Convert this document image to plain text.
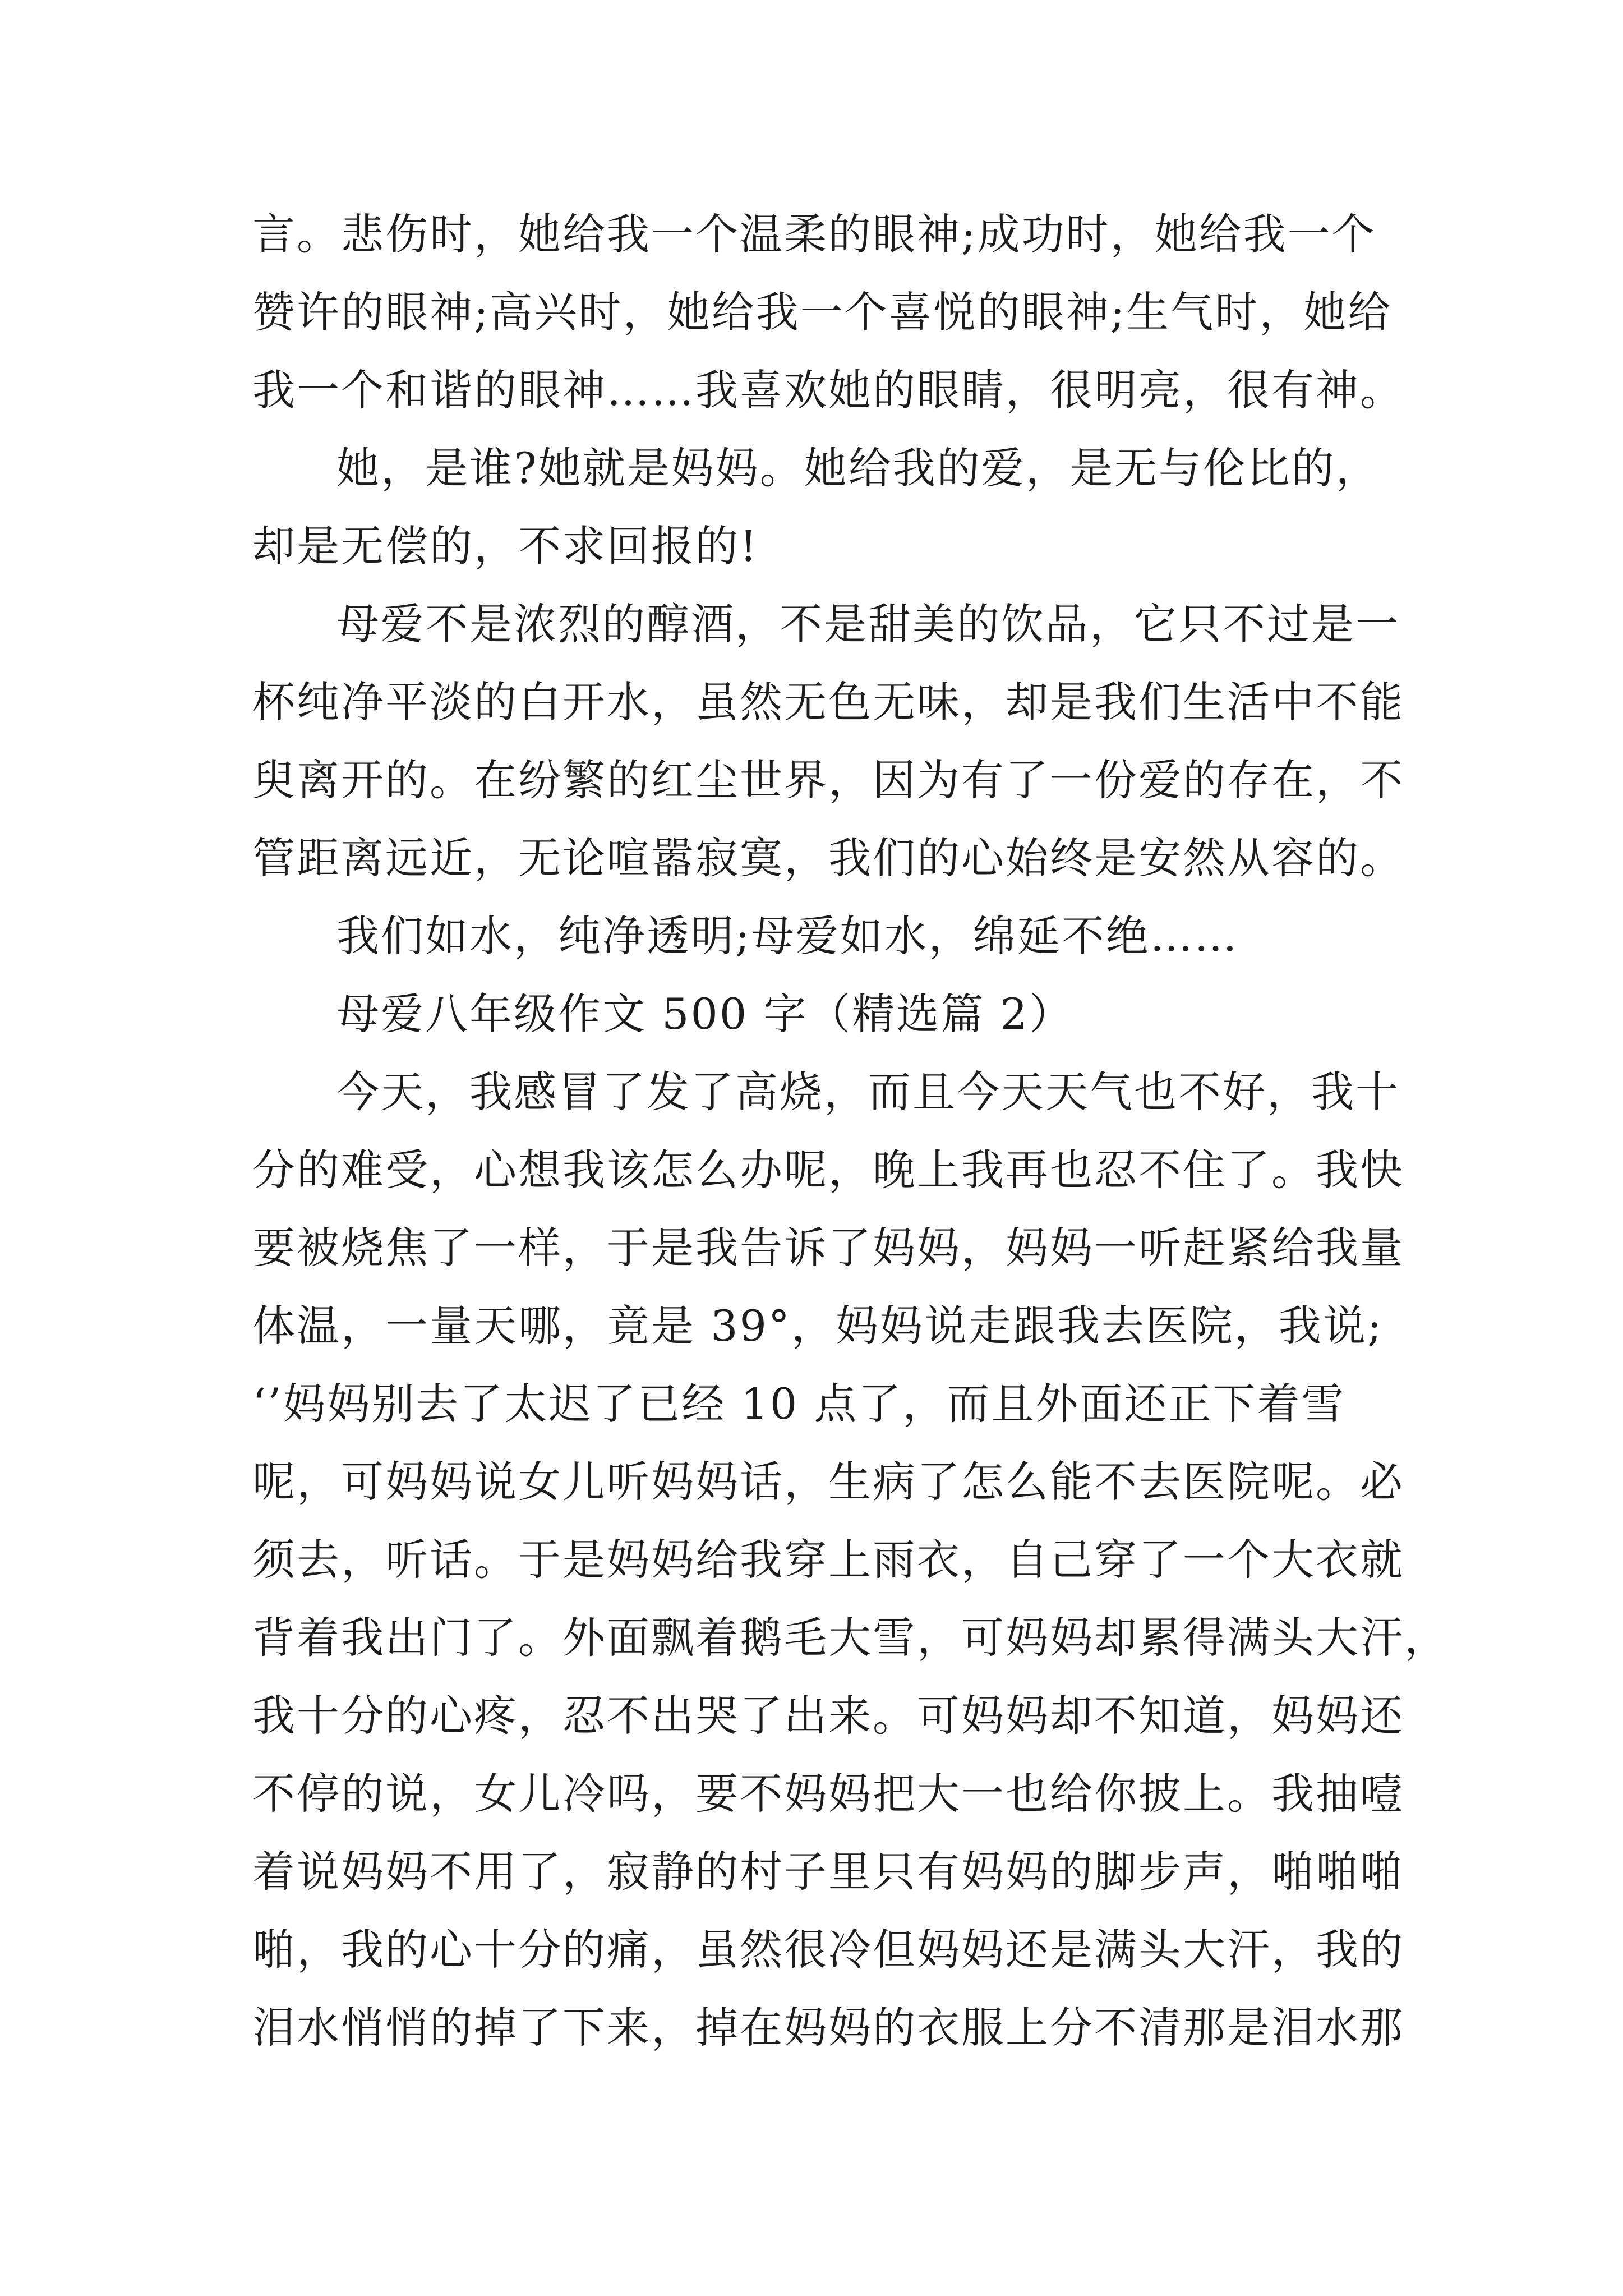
言。悲伤时，她给我一个温柔的眼神;成功时，她给我一个
赞许的眼神;高兴时，她给我一个喜悦的眼神;生气时，她给
我一个和谐的眼神……我喜欢她的眼睛，很明亮，很有神。
她，是谁?她就是妈妈。她给我的爱，是无与伦比的，
却是无偿的，不求回报的!
母爱不是浓烈的醇酒，不是甜美的饮品，它只不过是一
杯纯净平淡的白开水，虽然无色无味，却是我们生活中不能
臾离开的。在纷繁的红尘世界，因为有了一份爱的存在，不
管距离远近，无论喧嚣寂寞，我们的心始终是安然从容的。
我们如水，纯净透明;母爱如水，绵延不绝……
母爱八年级作文 500 字（精选篇 2）
今天，我感冒了发了高烧，而且今天天气也不好，我十
分的难受，心想我该怎么办呢，晚上我再也忍不住了。我快
要被烧焦了一样，于是我告诉了妈妈，妈妈一听赶紧给我量
体温，一量天哪，竟是 39°，妈妈说走跟我去医院，我说;
‘’妈妈别去了太迟了已经 10 点了，而且外面还正下着雪
呢，可妈妈说女儿听妈妈话，生病了怎么能不去医院呢。必
须去，听话。于是妈妈给我穿上雨衣，自己穿了一个大衣就
背着我出门了。外面飘着鹅毛大雪，可妈妈却累得满头大汗，
我十分的心疼，忍不出哭了出来。可妈妈却不知道，妈妈还
不停的说，女儿冷吗，要不妈妈把大一也给你披上。我抽噎
着说妈妈不用了，寂静的村子里只有妈妈的脚步声，啪啪啪
啪，我的心十分的痛，虽然很冷但妈妈还是满头大汗，我的
泪水悄悄的掉了下来，掉在妈妈的衣服上分不清那是泪水那
